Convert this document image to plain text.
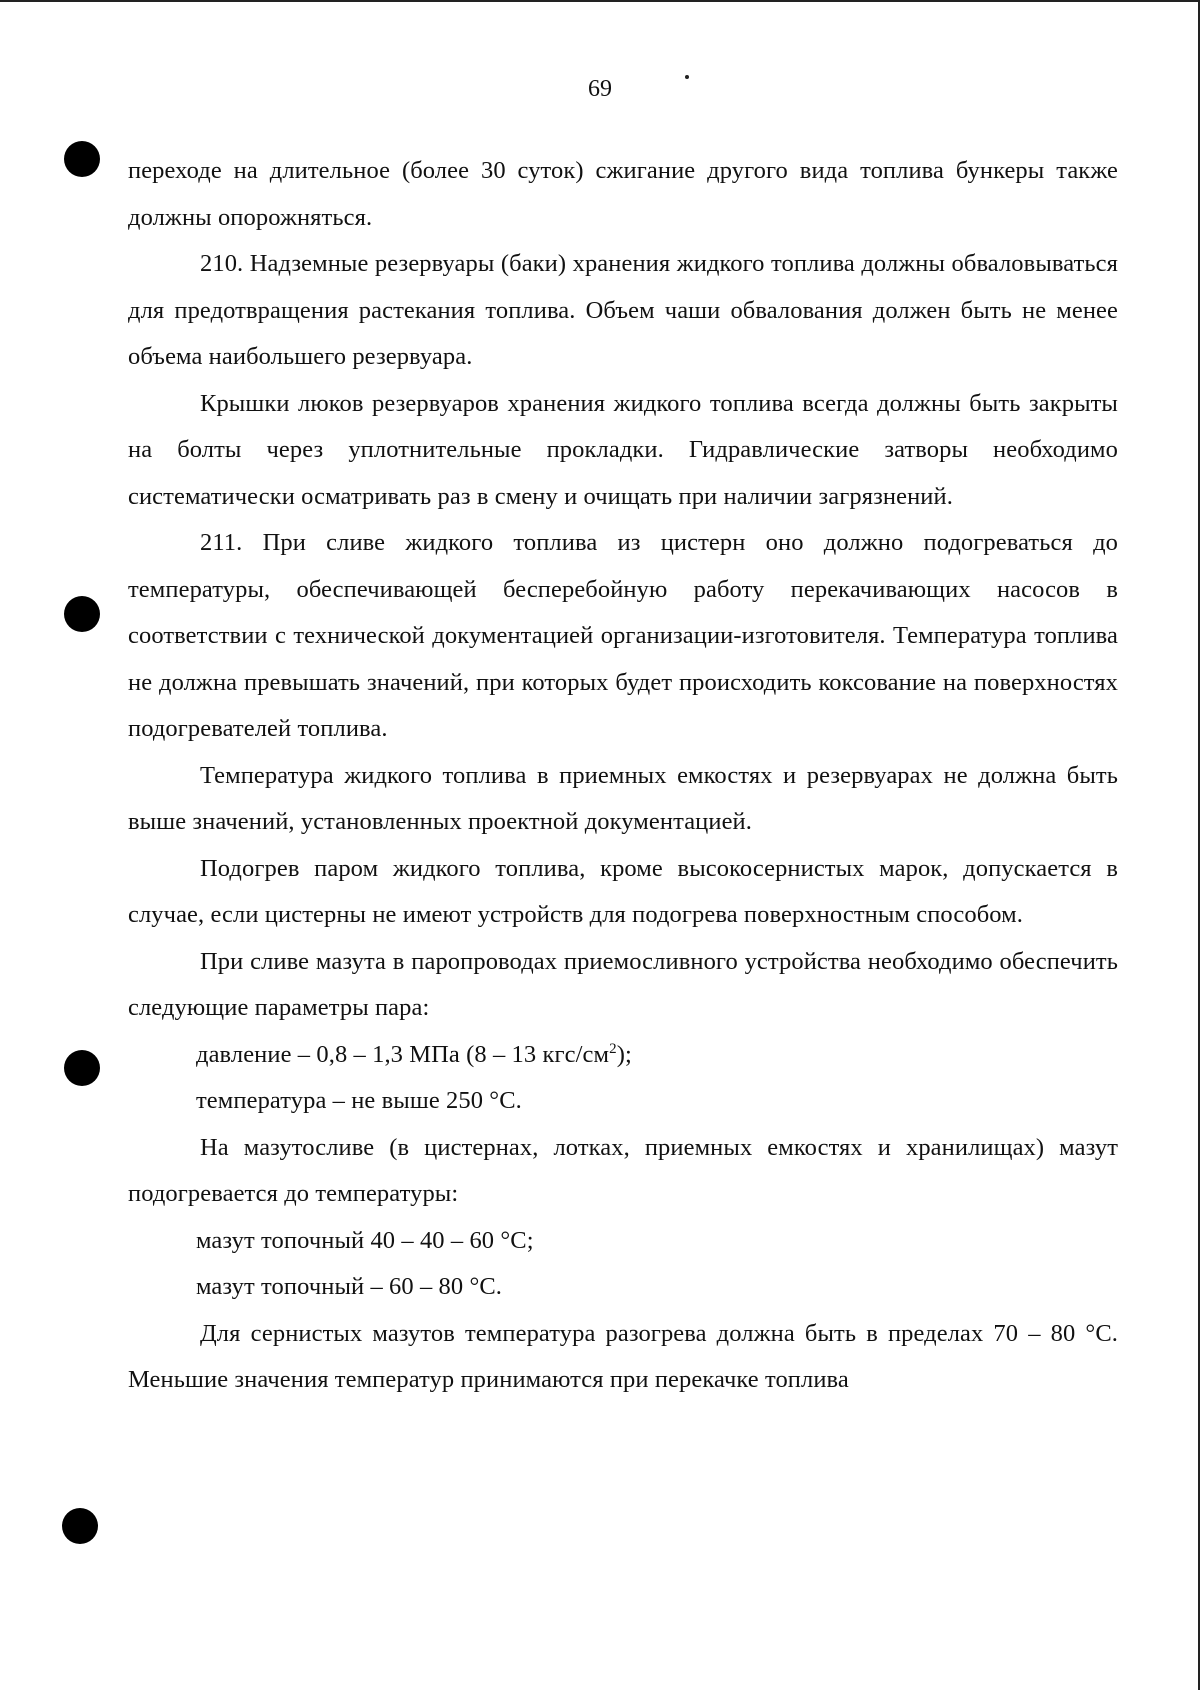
69

переходе на длительное (более 30 суток) сжигание другого вида топлива бункеры также должны опорожняться.

210. Надземные резервуары (баки) хранения жидкого топлива должны обваловываться для предотвращения растекания топлива. Объем чаши обвалования должен быть не менее объема наибольшего резервуара.

Крышки люков резервуаров хранения жидкого топлива всегда должны быть закрыты на болты через уплотнительные прокладки. Гидравлические затворы необходимо систематически осматривать раз в смену и очищать при наличии загрязнений.

211. При сливе жидкого топлива из цистерн оно должно подогреваться до температуры, обеспечивающей бесперебойную работу перекачивающих насосов в соответствии с технической документацией организации-изготовителя. Температура топлива не должна превышать значений, при которых будет происходить коксование на поверхностях подогревателей топлива.

Температура жидкого топлива в приемных емкостях и резервуарах не должна быть выше значений, установленных проектной документацией.

Подогрев паром жидкого топлива, кроме высокосернистых марок, допускается в случае, если цистерны не имеют устройств для подогрева поверхностным способом.

При сливе мазута в паропроводах приемосливного устройства необходимо обеспечить следующие параметры пара:

давление – 0,8 – 1,3 МПа (8 – 13 кгс/$см^2$);

температура – не выше 250 °С.

На мазутосливе (в цистернах, лотках, приемных емкостях и хранилищах) мазут подогревается до температуры:

мазут топочный 40 – 40 – 60 °С;

мазут топочный – 60 – 80 °С.

Для сернистых мазутов температура разогрева должна быть в пределах 70 – 80 °С. Меньшие значения температур принимаются при перекачке топлива
